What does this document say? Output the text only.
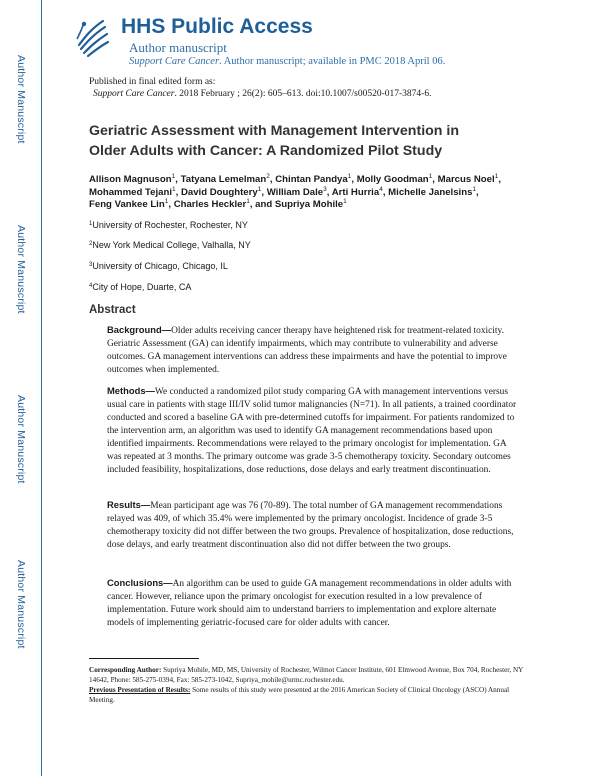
Author Manuscript
Author Manuscript
Author Manuscript
Author Manuscript
HHS Public Access
Author manuscript
Support Care Cancer. Author manuscript; available in PMC 2018 April 06.
Published in final edited form as:
Support Care Cancer. 2018 February ; 26(2): 605–613. doi:10.1007/s00520-017-3874-6.
Geriatric Assessment with Management Intervention in Older Adults with Cancer: A Randomized Pilot Study
Allison Magnuson$^1$, Tatyana Lemelman$^2$, Chintan Pandya$^1$, Molly Goodman$^1$, Marcus Noel$^1$,
Mohammed Tejani$^1$, David Doughtery$^1$, William Dale$^3$, Arti Hurria$^4$, Michelle Janelsins$^1$,
Feng Vankee Lin$^1$, Charles Heckler$^1$, and Supriya Mohile$^1$
$^1$University of Rochester, Rochester, NY
$^2$New York Medical College, Valhalla, NY
$^3$University of Chicago, Chicago, IL
$^4$City of Hope, Duarte, CA
Abstract

Background—Older adults receiving cancer therapy have heightened risk for treatment-related toxicity. Geriatric Assessment (GA) can identify impairments, which may contribute to vulnerability and adverse outcomes. GA management interventions can address these impairments and have the potential to improve outcomes when implemented.

Methods—We conducted a randomized pilot study comparing GA with management interventions versus usual care in patients with stage III/IV solid tumor malignancies (N=71). In all patients, a trained coordinator conducted and scored a baseline GA with pre-determined cutoffs for impairment. For patients randomized to the intervention arm, an algorithm was used to identify GA management recommendations based upon identified impairments. Recommendations were relayed to the primary oncologist for implementation. GA was repeated at 3 months. The primary outcome was grade 3-5 chemotherapy toxicity. Secondary outcomes included feasibility, hospitalizations, dose reductions, dose delays and early treatment discontinuation.

Results—Mean participant age was 76 (70-89). The total number of GA management recommendations relayed was 409, of which 35.4% were implemented by the primary oncologist. Incidence of grade 3-5 chemotherapy toxicity did not differ between the two groups. Prevalence of hospitalization, dose reductions, dose delays, and early treatment discontinuation also did not differ between the two groups.

Conclusions—An algorithm can be used to guide GA management recommendations in older adults with cancer. However, reliance upon the primary oncologist for execution resulted in a low prevalence of implementation. Future work should aim to understand barriers to implementation and explore alternate models of implementing geriatric-focused care for older adults with cancer.

Corresponding Author: Supriya Mohile, MD, MS, University of Rochester, Wilmot Cancer Institute, 601 Elmwood Avenue, Box 704, Rochester, NY 14642, Phone: 585-275-0394, Fax: 585-273-1042, Supriya_mohile@urmc.rochester.edu.

Previous Presentation of Results: Some results of this study were presented at the 2016 American Society of Clinical Oncology (ASCO) Annual Meeting.
